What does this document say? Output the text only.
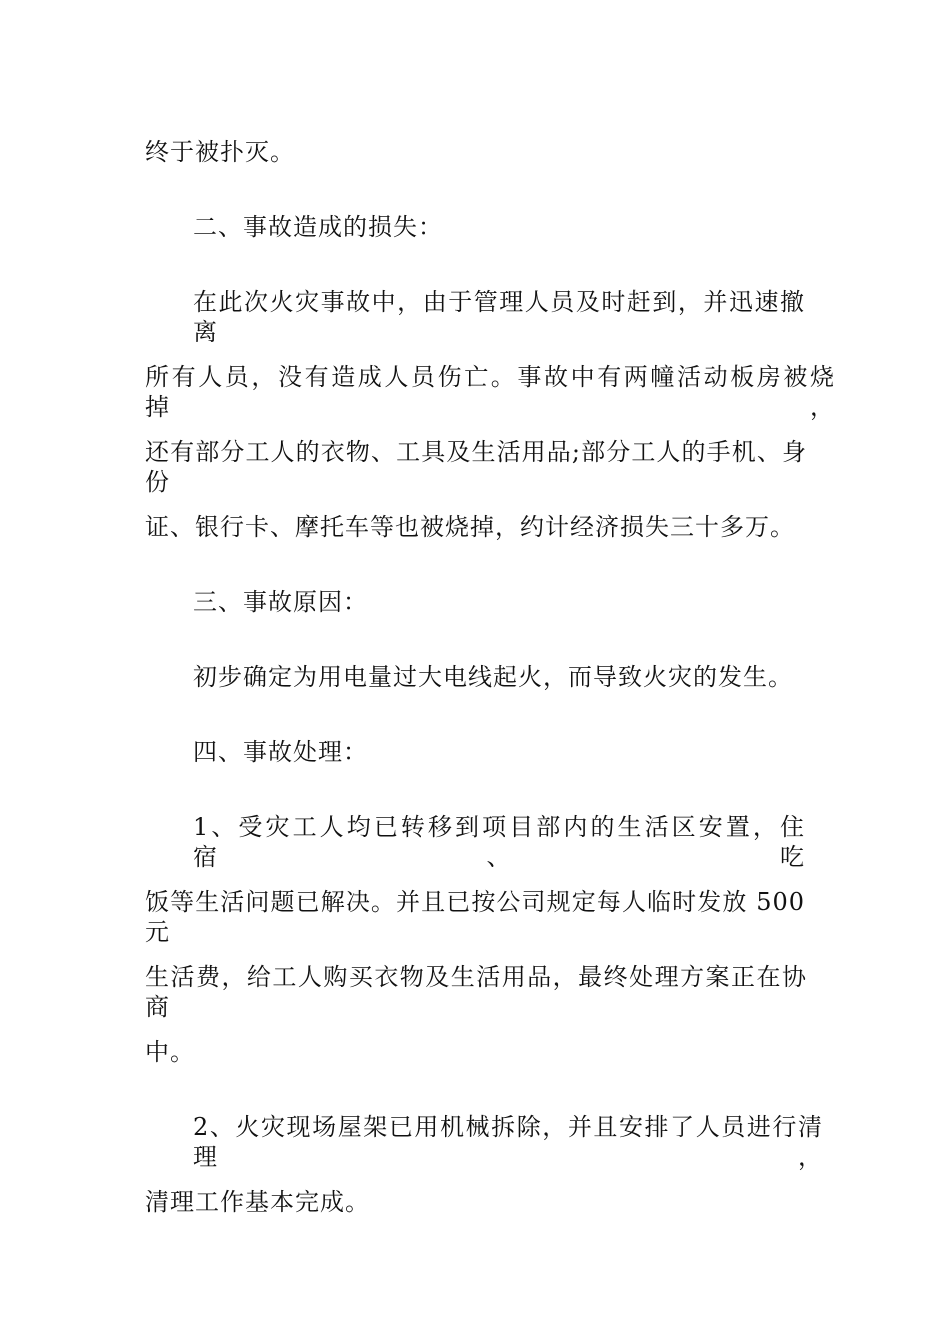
终于被扑灭。
二、事故造成的损失：
在此次火灾事故中，由于管理人员及时赶到，并迅速撤离
所有人员，没有造成人员伤亡。事故中有两幢活动板房被烧掉，
还有部分工人的衣物、工具及生活用品;部分工人的手机、身份
证、银行卡、摩托车等也被烧掉，约计经济损失三十多万。
三、事故原因：
初步确定为用电量过大电线起火，而导致火灾的发生。
四、事故处理：
1、受灾工人均已转移到项目部内的生活区安置，住宿、吃
饭等生活问题已解决。并且已按公司规定每人临时发放 500 元
生活费，给工人购买衣物及生活用品，最终处理方案正在协商
中。
2、火灾现场屋架已用机械拆除，并且安排了人员进行清理，
清理工作基本完成。
